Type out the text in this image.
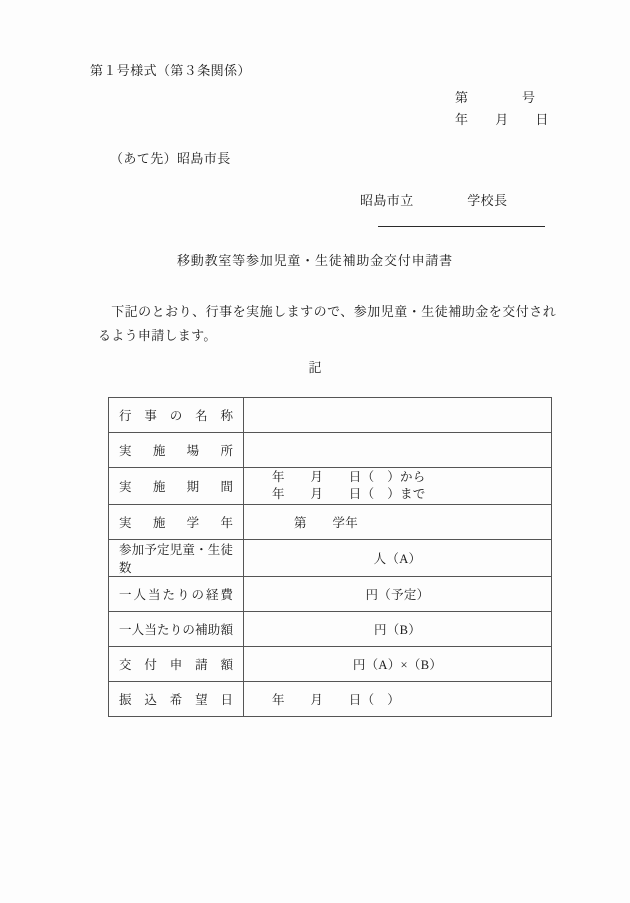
第１号様式（第３条関係）
第　　　　号
年　　月　　日
（あて先）昭島市長
昭島市立　　　　学校長
移動教室等参加児童・生徒補助金交付申請書
下記のとおり、行事を実施しますので、参加児童・生徒補助金を交付されるよう申請します。
記
行事の名称	
実施場所	
実施期間	年　　月　　日（　）から
年　　月　　日（　）まで

実施学年	第　　学年
参加予定児童・生徒数	人（A）
一人当たりの経費	円（予定）
一人当たりの補助額	円（B）
交付申請額	円（A）×（B）
振込希望日	年　　月　　日（　）
